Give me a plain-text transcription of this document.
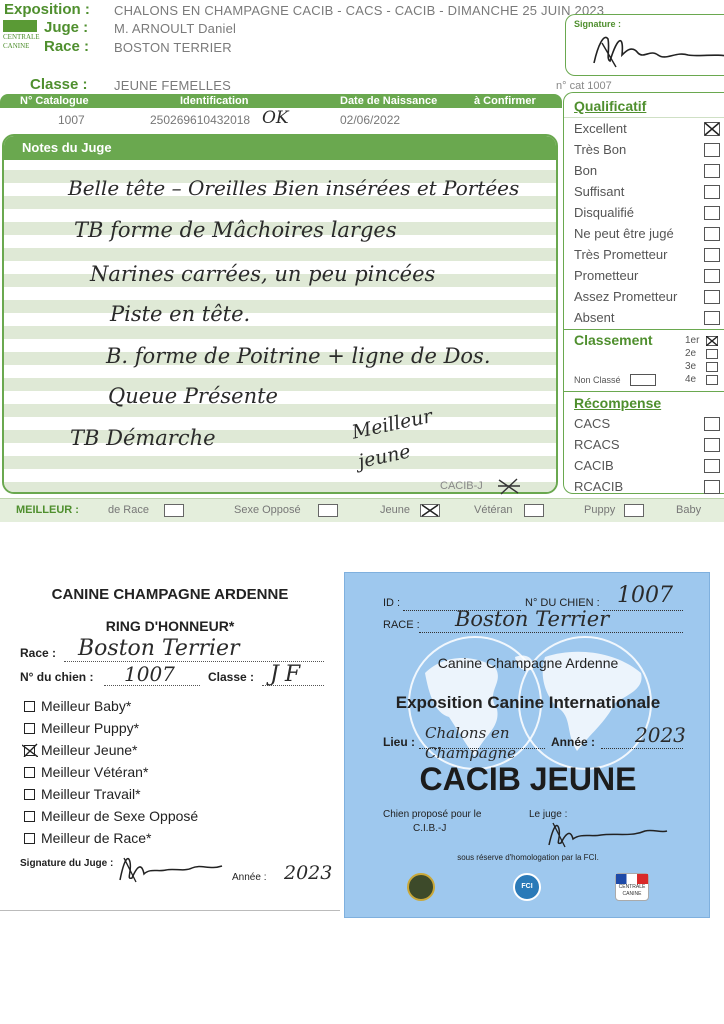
Exposition : CHALONS EN CHAMPAGNE CACIB - CACS - CACIB - DIMANCHE 25 JUIN 2023
CENTRALE
CANINE
Juge : M. ARNOULT Daniel
Race : BOSTON TERRIER
Signature :
Classe : JEUNE FEMELLES	n° cat 1007
N° Catalogue	Identification	Date de Naissance	à Confirmer
1007	250269610432018 OK	02/06/2022
Notes du Juge
Belle tête – Oreilles Bien insérées et Portées
TB forme de Mâchoires larges
Narines carrées, un peu pincées
Piste en tête.
B. forme de Poitrine + ligne de Dos.
Queue Présente
TB Démarche	Meilleur jeune
CACIB-J
Qualificatif
Excellent
Très Bon
Bon
Suffisant
Disqualifié
Ne peut être jugé
Très Prometteur
Prometteur
Assez Prometteur
Absent
Classement	1er
2e
3e
4e
Non Classé
Récompense
CACS
RCACS
CACIB
RCACIB
MEILLEUR :	de Race	Sexe Opposé	Jeune	Vétéran	Puppy	Baby
CANINE CHAMPAGNE ARDENNE
RING D'HONNEUR*
Race : Boston Terrier
N° du chien : 1007	Classe : JF
Meilleur Baby*
Meilleur Puppy*
Meilleur Jeune*
Meilleur Vétéran*
Meilleur Travail*
Meilleur de Sexe Opposé
Meilleur de Race*
Signature du Juge :
Année : 2023
ID :	N° DU CHIEN : 1007
RACE : Boston Terrier
Canine Champagne Ardenne
Exposition Canine Internationale
Lieu : Chalons en Champagne
Année : 2023
CACIB JEUNE
Chien proposé pour le
C.I.B.-J
Le juge :
sous réserve d'homologation par la FCI.
FCI	CENTRALE
CANINE
